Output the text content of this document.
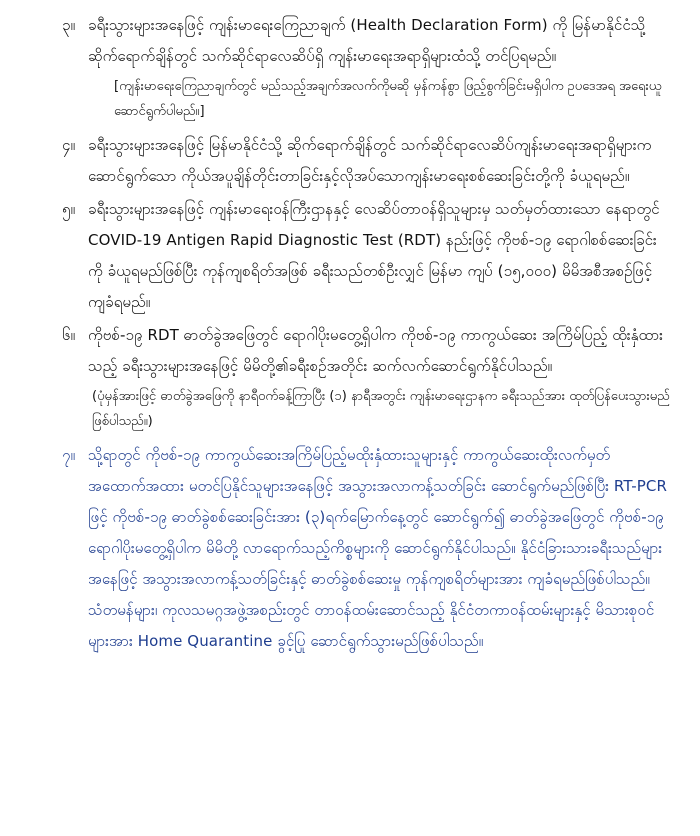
၃။ ခရီးသွားများအနေဖြင့် ကျန်းမာရေးကြေညာချက် (Health Declaration Form) ကို မြန်မာနိုင်ငံသို့ ဆိုက်ရောက်ချိန်တွင် သက်ဆိုင်ရာလေဆိပ်ရှိ ကျန်းမာရေးအရာရှိများထံသို့ တင်ပြရမည်။
[ကျန်းမာရေးကြေညာချက်တွင် မည်သည့်အချက်အလက်ကိုမဆို မှန်ကန်စွာ ဖြည့်စွက်ခြင်းမရှိပါက ဥပဒေအရ အရေးယူဆောင်ရွက်ပါမည်။]
၄။ ခရီးသွားများအနေဖြင့် မြန်မာနိုင်ငံသို့ ဆိုက်ရောက်ချိန်တွင် သက်ဆိုင်ရာလေဆိပ်ကျန်းမာရေးအရာရှိများကဆောင်ရွက်သော ကိုယ်အပူချိန်တိုင်းတာခြင်းနှင့်လိုအပ်သောကျန်းမာရေးစစ်ဆေးခြင်းတို့ကို ခံယူရမည်။
၅။ ခရီးသွားများအနေဖြင့် ကျန်းမာရေးဝန်ကြီးဌာနနှင့် လေဆိပ်တာဝန်ရှိသူများမှ သတ်မှတ်ထားသော နေရာတွင် COVID-19 Antigen Rapid Diagnostic Test (RDT) နည်းဖြင့် ကိုဗစ်-၁၉ ရောဂါစစ်ဆေးခြင်းကို ခံယူရမည်ဖြစ်ပြီး ကုန်ကျစရိတ်အဖြစ် ခရီးသည်တစ်ဦးလျှင် မြန်မာ ကျပ် (၁၅,၀၀၀) မိမိအစီအစဉ်ဖြင့် ကျခံရမည်။
၆။ ကိုဗစ်-၁၉ RDT ဓာတ်ခွဲအဖြေတွင် ရောဂါပိုးမတွေ့ရှိပါက ကိုဗစ်-၁၉ ကာကွယ်ဆေး အကြိမ်ပြည့် ထိုးနှံထားသည့် ခရီးသွားများအနေဖြင့် မိမိတို့၏ခရီးစဉ်အတိုင်း ဆက်လက်ဆောင်ရွက်နိုင်ပါသည်။
(ပုံမှန်အားဖြင့် ဓာတ်ခွဲအဖြေကို နာရီဝက်ခန့်ကြာပြီး (၁) နာရီအတွင်း ကျန်းမာရေးဌာနက ခရီးသည်အား ထုတ်ပြန်ပေးသွားမည် ဖြစ်ပါသည်။)
၇။ သို့ရာတွင် ကိုဗစ်-၁၉ ကာကွယ်ဆေးအကြိမ်ပြည့်မထိုးနှံထားသူများနှင့် ကာကွယ်ဆေးထိုးလက်မှတ် အထောက်အထား မတင်ပြနိုင်သူများအနေဖြင့် အသွားအလာကန့်သတ်ခြင်း ဆောင်ရွက်မည်ဖြစ်ပြီး RT-PCR ဖြင့် ကိုဗစ်-၁၉ ဓာတ်ခွဲစစ်ဆေးခြင်းအား (၃)ရက်မြောက်နေ့တွင် ဆောင်ရွက်၍ ဓာတ်ခွဲအဖြေတွင် ကိုဗစ်-၁၉ ရောဂါပိုးမတွေ့ရှိပါက မိမိတို့ လာရောက်သည့်ကိစ္စများကို ဆောင်ရွက်နိုင်ပါသည်။ နိုင်ငံခြားသားခရီးသည်များအနေဖြင့် အသွားအလာကန့်သတ်ခြင်းနှင့် ဓာတ်ခွဲစစ်ဆေးမှု ကုန်ကျစရိတ်များအား ကျခံရမည်ဖြစ်ပါသည်။ သံတမန်များ၊ ကုလသမဂ္ဂအဖွဲ့အစည်းတွင် တာဝန်ထမ်းဆောင်သည့် နိုင်ငံတကာဝန်ထမ်းများနှင့် မိသားစုဝင်များအား Home Quarantine ခွင့်ပြု ဆောင်ရွက်သွားမည်ဖြစ်ပါသည်။
